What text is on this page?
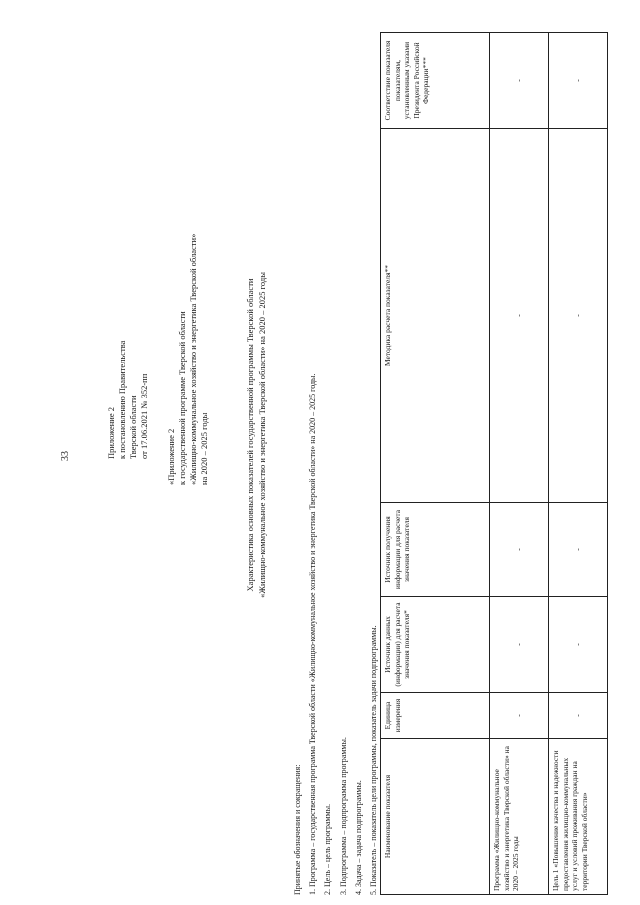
33	Приложение 2 к постановлению Правительства Тверской области от 17.06.2021 № 352-пп «Приложение 2 к государственной программе Тверской области «Жилищно-коммунальное хозяйство и энергетика Тверской области» на 2020 – 2025 годы	Характеристика основных показателей государственной программы Тверской области «Жилищно-коммунальное хозяйство и энергетика Тверской области» на 2020 – 2025 годы
Принятые обозначения и сокращения: 1. Программа – государственная программа Тверской области «Жилищно-коммунальное хозяйство и энергетика Тверской области» на 2020 – 2025 годы. 2. Цель – цель программы. 3. Подпрограмма – подпрограмма программы. 4. Задача – задача подпрограммы. 5. Показатель – показатель цели программы, показатель задачи подпрограммы. Наименование показателя	Единица измерения	Источник данных (информации) для расчета значения показателя*	Источник получения информации для расчета значения показателя	Методика расчета показателя**	Соответствие показателя показателям, установленным указами Президента Российской Федерации***
Программа «Жилищно-коммунальное хозяйство и энергетика Тверской области» на 2020 – 2025 годы	-	-	-	-	-
Цель 1 «Повышение качества и надежности предоставления жилищно-коммунальных услуг и условий проживания граждан на территории Тверской области»	-	-	-	-	-
